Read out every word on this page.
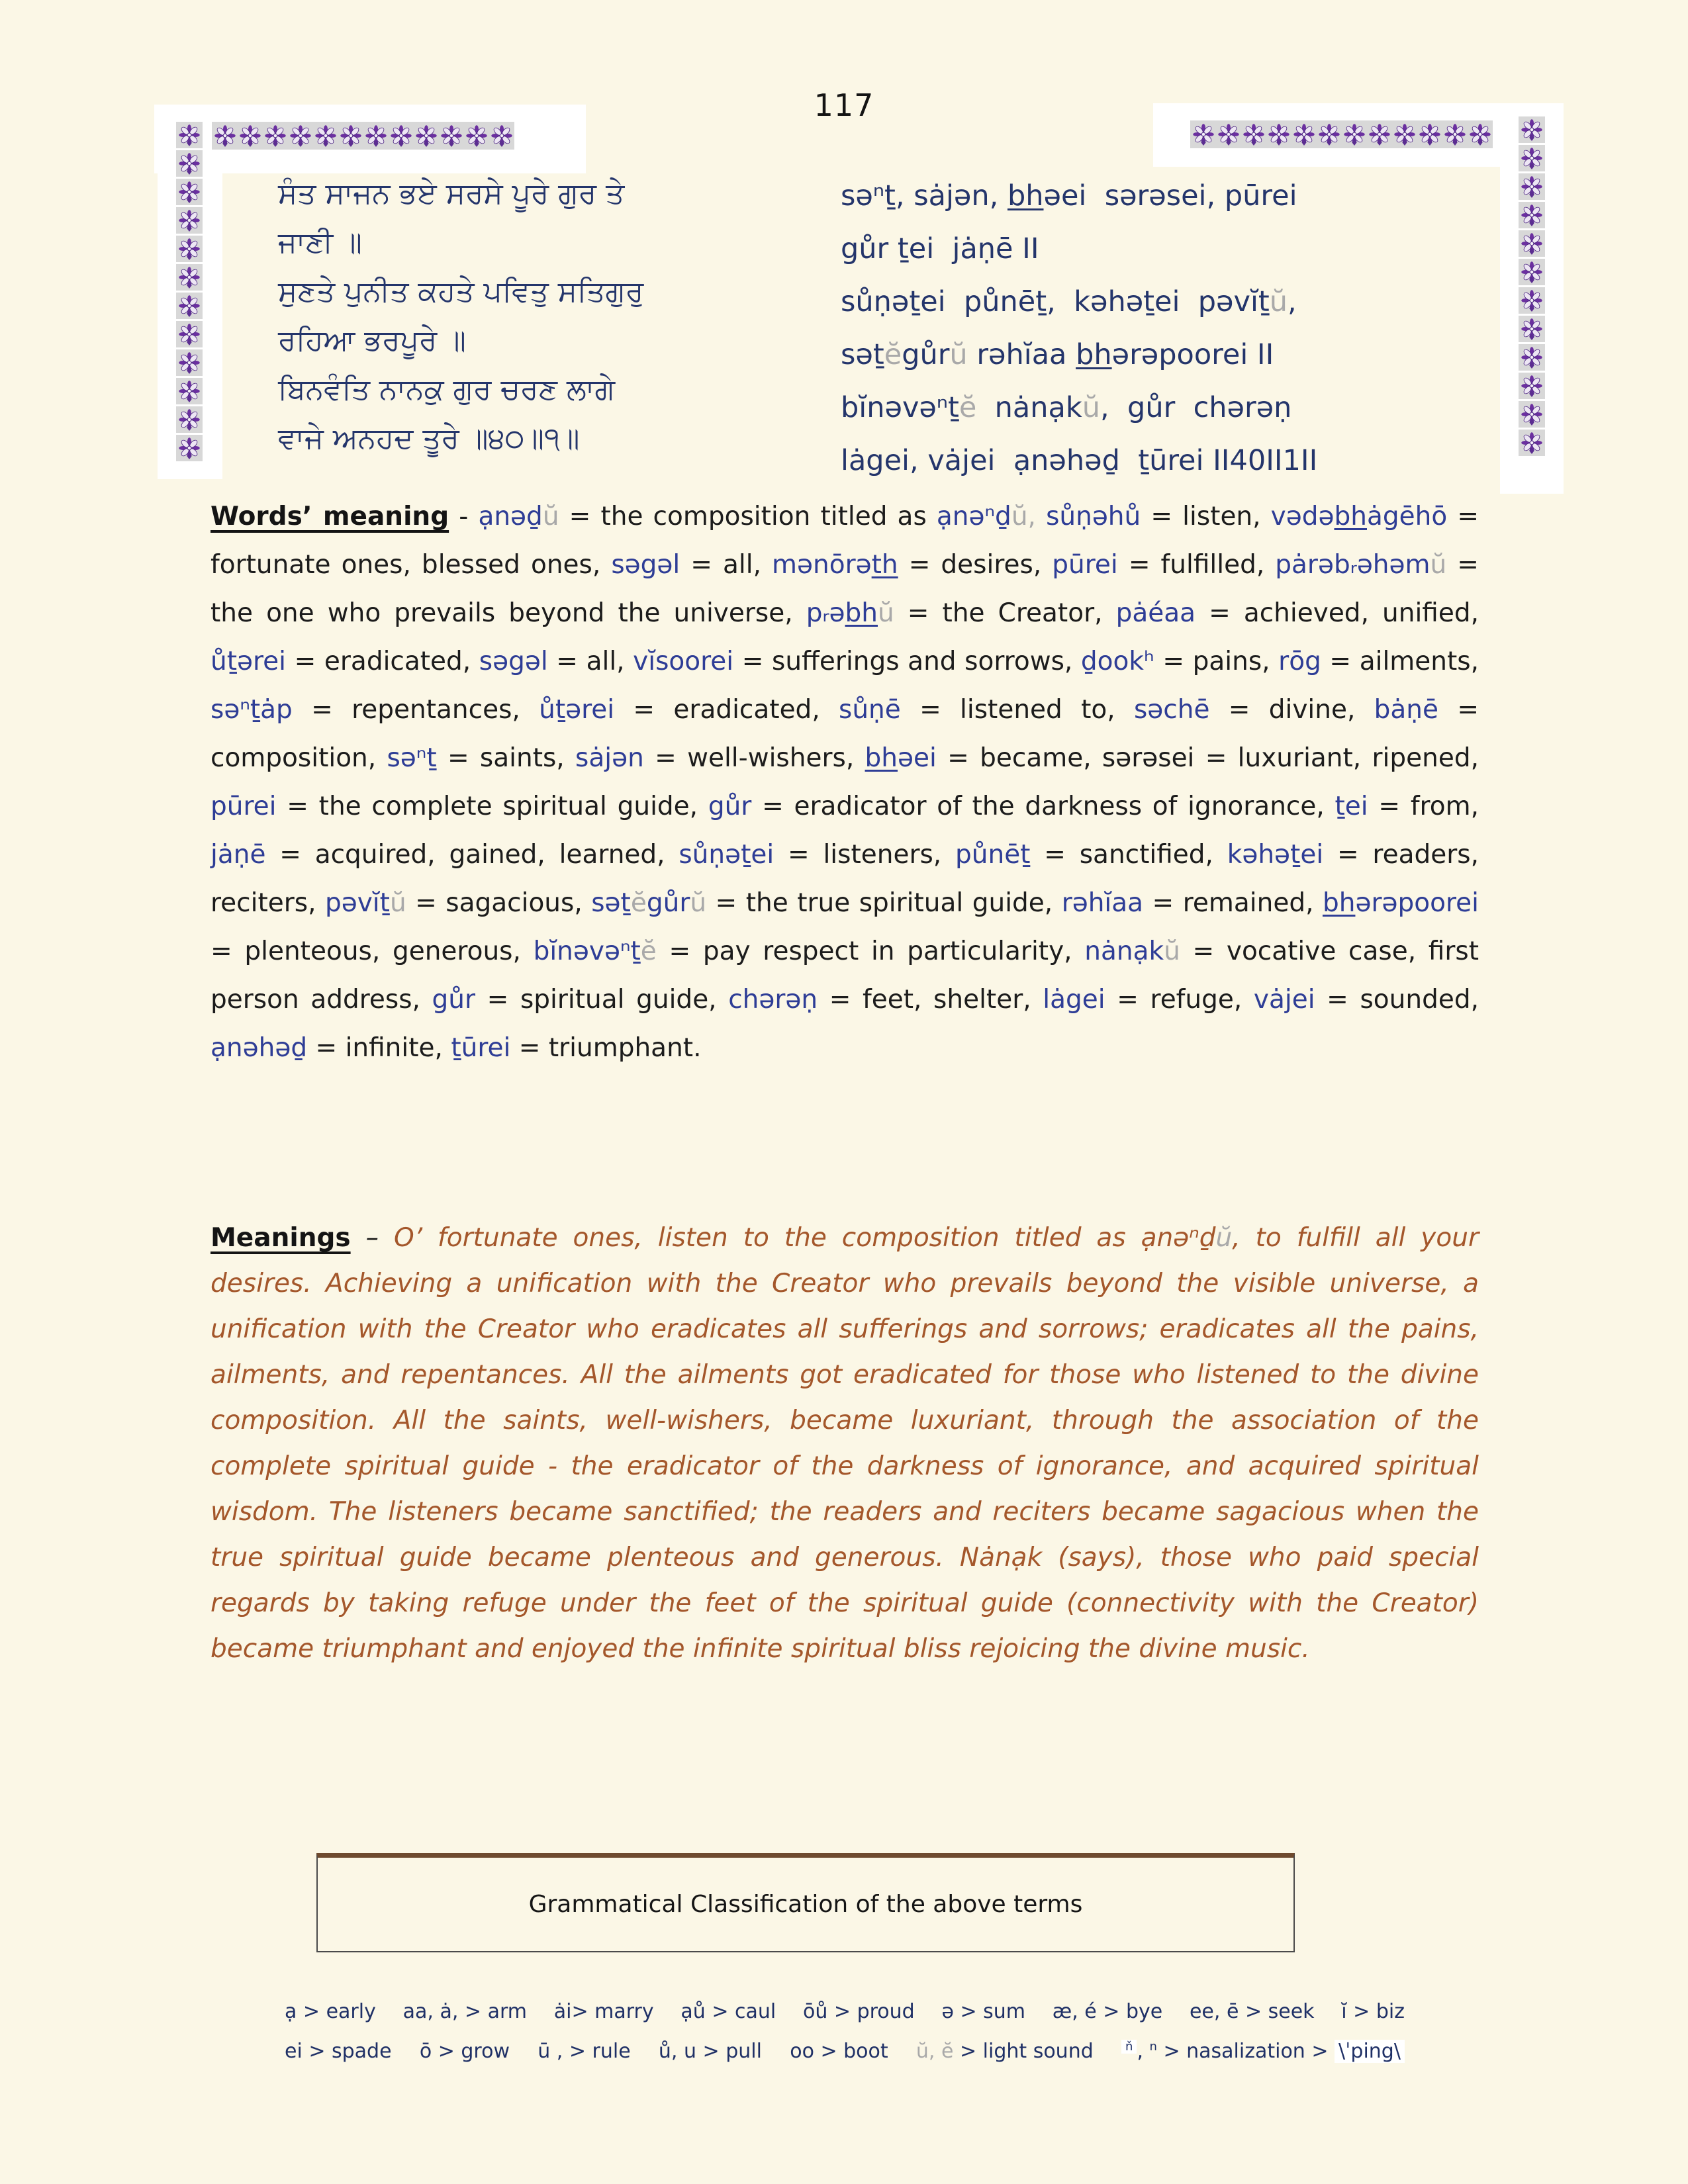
117
ਸੰਤ ਸਾਜਨ ਭਏ ਸਰਸੇ ਪੂਰੇ ਗੁਰ ਤੇ
ਜਾਣੀ ॥
ਸੁਣਤੇ ਪੁਨੀਤ ਕਹਤੇ ਪਵਿਤੁ ਸਤਿਗੁਰੁ
ਰਹਿਆ ਭਰਪੂਰੇ ॥
ਬਿਨਵੰਤਿ ਨਾਨਕੁ ਗੁਰ ਚਰਣ ਲਾਗੇ
ਵਾਜੇ ਅਨਹਦ ਤੂਰੇ ॥੪੦॥੧॥
səⁿṯ, sȧjən, bhəei  sərəsei, pūrei
gůr ṯei  jȧṇē II
sůṇəṯei  půnēṯ,  kəhəṯei  pəvĭṯŭ,
səṯĕgůrŭ rəhĭaa bhərəpoorei II
bĭnəvəⁿṯĕ  nȧnạkŭ,  gůr  chərəṇ
lȧgei, vȧjei  ạnəhəḏ  ṯūrei II40II1II
Words’ meaning - ạnəḏŭ = the composition titled as ạnəⁿḏŭ, sůṇəhů = listen, vədəbhȧgēhō = fortunate ones, blessed ones, səgəl = all, mənōrəth = desires, pūrei = fulfilled, pȧrəbᵣəhəmŭ = the one who prevails beyond the universe, pᵣəbhŭ = the Creator, pȧéaa = achieved, unified, ůṯərei = eradicated, səgəl = all, vĭsoorei = sufferings and sorrows, ḏookʰ = pains, rōg = ailments, səⁿṯȧp = repentances, ůṯərei = eradicated, sůṇē = listened to, səchē = divine, bȧṇē = composition, səⁿṯ = saints, sȧjən = well-wishers, bhəei = became, sərəsei = luxuriant, ripened, pūrei = the complete spiritual guide, gůr = eradicator of the darkness of ignorance, ṯei = from, jȧṇē = acquired, gained, learned, sůṇəṯei = listeners, půnēṯ = sanctified, kəhəṯei = readers, reciters, pəvĭṯŭ = sagacious, səṯĕgůrŭ = the true spiritual guide, rəhĭaa = remained, bhərəpoorei = plenteous, generous, bĭnəvəⁿṯĕ = pay respect in particularity, nȧnạkŭ = vocative case, first person address, gůr = spiritual guide, chərəṇ = feet, shelter, lȧgei = refuge, vȧjei = sounded, ạnəhəḏ = infinite, ṯūrei = triumphant.
Meanings – O’ fortunate ones, listen to the composition titled as ạnəⁿḏŭ, to fulfill all your desires. Achieving a unification with the Creator who prevails beyond the visible universe, a unification with the Creator who eradicates all sufferings and sorrows; eradicates all the pains, ailments, and repentances. All the ailments got eradicated for those who listened to the divine composition. All the saints, well-wishers, became luxuriant, through the association of the complete spiritual guide - the eradicator of the darkness of ignorance, and acquired spiritual wisdom. The listeners became sanctified; the readers and reciters became sagacious when the true spiritual guide became plenteous and generous. Nȧnạk (says), those who paid special regards by taking refuge under the feet of the spiritual guide (connectivity with the Creator) became triumphant and enjoyed the infinite spiritual bliss rejoicing the divine music.
Grammatical Classification of the above terms
ạ > early aa, ȧ, > arm ȧi> marry ạů > caul ōů > proud ə > sum æ, é > bye ee, ē > seek ĭ > biz
ei > spade ō > grow ū , > rule ů, u > pull oo > boot ŭ, ĕ > light sound	$^ň$ , $^n$ > nasalization > \ˈping\
